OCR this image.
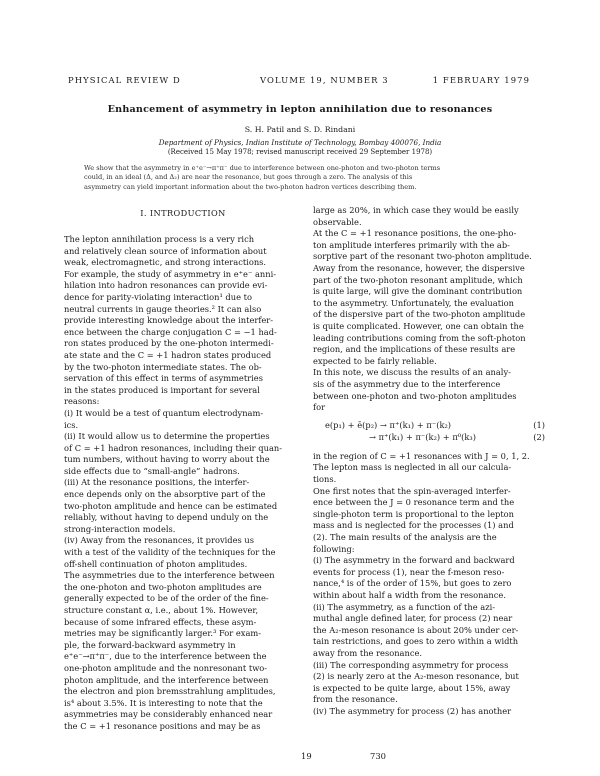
PHYSICAL REVIEW D	VOLUME 19, NUMBER 3	1 FEBRUARY 1979
Enhancement of asymmetry in lepton annihilation due to resonances
S. H. Patil and S. D. Rindani
Department of Physics, Indian Institute of Technology, Bombay 400076, India
(Received 15 May 1978; revised manuscript received 29 September 1978)
We show that the asymmetry in e⁺e⁻→π⁺π⁻ due to interference between one-photon and two-photon terms
could, in an ideal (Δ, and Δ₂) are near the resonance, but goes through a zero. The analysis of this
asymmetry can yield important information about the two-photon hadron vertices describing them.
I. INTRODUCTION
The lepton annihilation process is a very rich
and relatively clean source of information about
weak, electromagnetic, and strong interactions.
For example, the study of asymmetry in e⁺e⁻ anni-
hilation into hadron resonances can provide evi-
dence for parity-violating interaction¹ due to
neutral currents in gauge theories.² It can also
provide interesting knowledge about the interfer-
ence between the charge conjugation C = −1 had-
ron states produced by the one-photon intermedi-
ate state and the C = +1 hadron states produced
by the two-photon intermediate states. The ob-
servation of this effect in terms of asymmetries
in the states produced is important for several
reasons:
(i) It would be a test of quantum electrodynam-
ics.
(ii) It would allow us to determine the properties
of C = +1 hadron resonances, including their quan-
tum numbers, without having to worry about the
side effects due to “small-angle” hadrons.
(iii) At the resonance positions, the interfer-
ence depends only on the absorptive part of the
two-photon amplitude and hence can be estimated
reliably, without having to depend unduly on the
strong-interaction models.
(iv) Away from the resonances, it provides us
with a test of the validity of the techniques for the
off-shell continuation of photon amplitudes.
The asymmetries due to the interference between
the one-photon and two-photon amplitudes are
generally expected to be of the order of the fine-
structure constant α, i.e., about 1%. However,
because of some infrared effects, these asym-
metries may be significantly larger.³ For exam-
ple, the forward-backward asymmetry in
e⁺e⁻→π⁺π⁻, due to the interference between the
one-photon amplitude and the nonresonant two-
photon amplitude, and the interference between
the electron and pion bremsstrahlung amplitudes,
is⁴ about 3.5%. It is interesting to note that the
asymmetries may be considerably enhanced near
the C = +1 resonance positions and may be as
large as 20%, in which case they would be easily
observable.
At the C = +1 resonance positions, the one-pho-
ton amplitude interferes primarily with the ab-
sorptive part of the resonant two-photon amplitude.
Away from the resonance, however, the dispersive
part of the two-photon resonant amplitude, which
is quite large, will give the dominant contribution
to the asymmetry. Unfortunately, the evaluation
of the dispersive part of the two-photon amplitude
is quite complicated. However, one can obtain the
leading contributions coming from the soft-photon
region, and the implications of these results are
expected to be fairly reliable.
In this note, we discuss the results of an analy-
sis of the asymmetry due to the interference
between one-photon and two-photon amplitudes
for
e(p₁) + ē(p₂) → π⁺(k₁) + π⁻(k₂)	(1)
→ π⁺(k₁) + π⁻(k₂) + π⁰(k₃)	(2)
in the region of C = +1 resonances with J = 0, 1, 2.
The lepton mass is neglected in all our calcula-
tions.
One first notes that the spin-averaged interfer-
ence between the J = 0 resonance term and the
single-photon term is proportional to the lepton
mass and is neglected for the processes (1) and
(2). The main results of the analysis are the
following:
(i) The asymmetry in the forward and backward
events for process (1), near the f-meson reso-
nance,⁴ is of the order of 15%, but goes to zero
within about half a width from the resonance.
(ii) The asymmetry, as a function of the azi-
muthal angle defined later, for process (2) near
the A₂-meson resonance is about 20% under cer-
tain restrictions, and goes to zero within a width
away from the resonance.
(iii) The corresponding asymmetry for process
(2) is nearly zero at the A₂-meson resonance, but
is expected to be quite large, about 15%, away
from the resonance.
(iv) The asymmetry for process (2) has another
19	730
